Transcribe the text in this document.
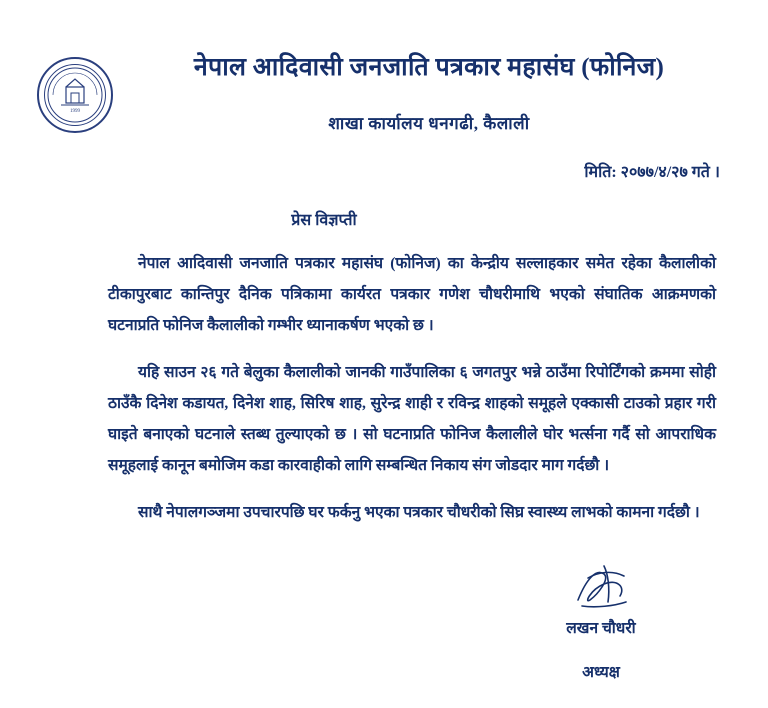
1999
नेपाल आदिवासी जनजाति पत्रकार महासंघ (फोनिज)
शाखा कार्यालय धनगढी, कैलाली
मिति: २०७७/४/२७ गते ।
प्रेस विज्ञप्ती

नेपाल आदिवासी जनजाति पत्रकार महासंघ (फोनिज) का केन्द्रीय सल्लाहकार समेत रहेका कैलालीको टीकापुरबाट कान्तिपुर दैनिक पत्रिकामा कार्यरत पत्रकार गणेश चौधरीमाथि भएको संघातिक आक्रमणको घटनाप्रति फोनिज कैलालीको गम्भीर ध्यानाकर्षण भएको छ ।

यहि साउन २६ गते बेलुका कैलालीको जानकी गाउँपालिका ६ जगतपुर भन्ने ठाउँमा रिपोर्टिंगको क्रममा सोही ठाउँकै दिनेश कडायत, दिनेश शाह, सिरिष शाह, सुरेन्द्र शाही र रविन्द्र शाहको समूहले एक्कासी टाउकाे प्रहार गरी घाइते बनाएको घटनाले स्तब्ध तुल्याएको छ । सो घटनाप्रति फोनिज कैलालीले घोर भर्त्सना गर्दै सो आपराधिक समूहलाई कानून बमोजिम कडा कारवाहीको लागि सम्बन्धित निकाय संग जोडदार माग गर्दछौ ।

साथै नेपालगञ्जमा उपचारपछि घर फर्कनु भएका पत्रकार चौधरीको सिघ्र स्वास्थ्य लाभको कामना गर्दछौ ।

लखन चौधरी
अध्यक्ष
